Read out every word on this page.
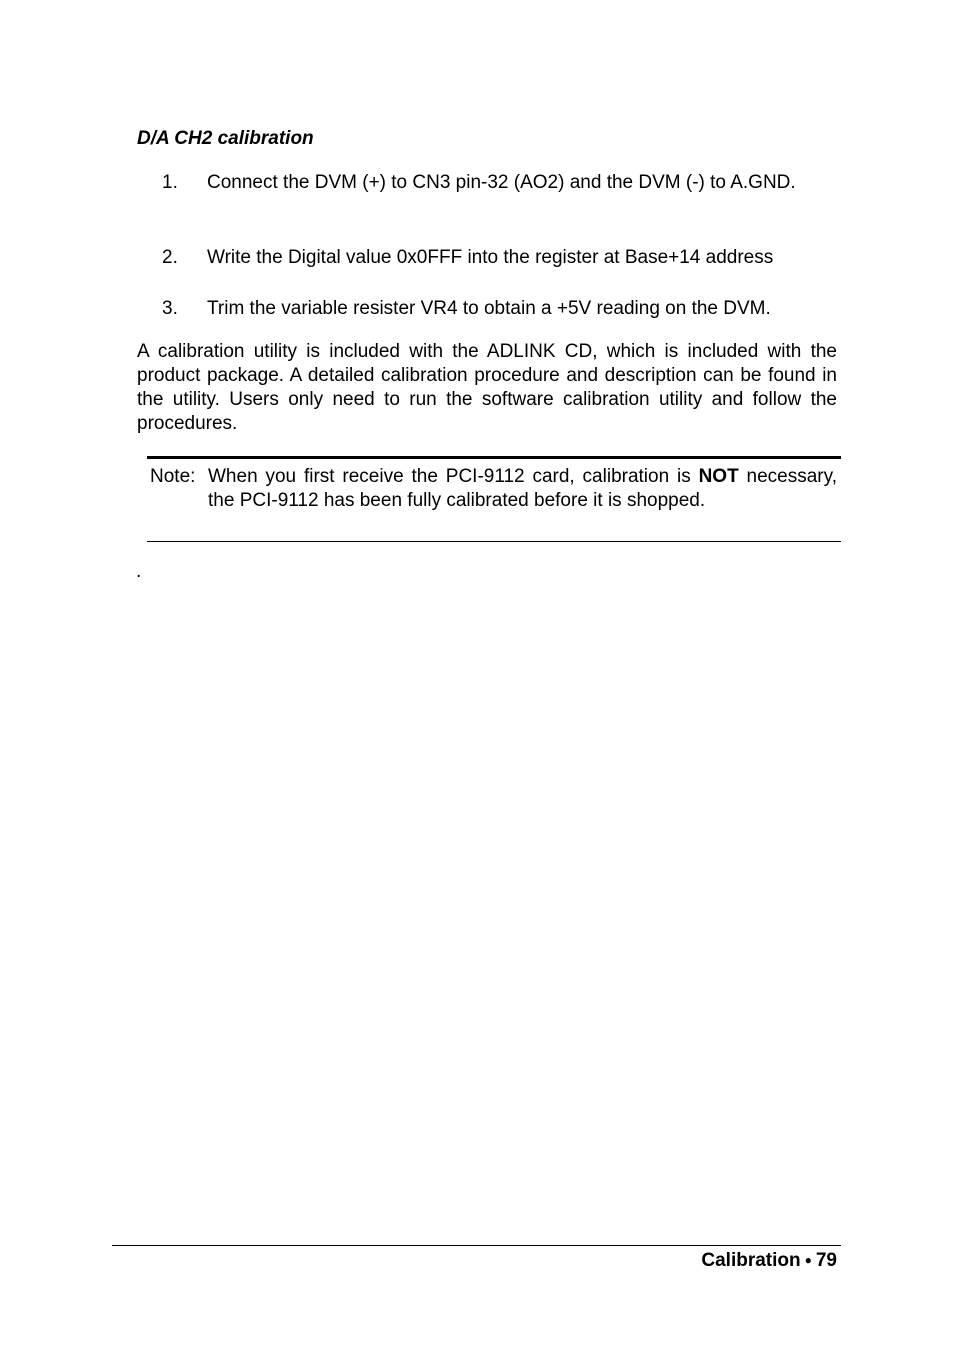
D/A CH2 calibration
1. Connect the DVM (+) to CN3 pin-32 (AO2) and the DVM (-) to A.GND.
2. Write the Digital value 0x0FFF into the register at Base+14 address
3. Trim the variable resister VR4 to obtain a +5V reading on the DVM.
A calibration utility is included with the ADLINK CD, which is included with the product package. A detailed calibration procedure and description can be found in the utility. Users only need to run the software calibration utility and follow the procedures.
Note: When you first receive the PCI-9112 card, calibration is NOT necessary, the PCI-9112 has been fully calibrated before it is shopped.
.
Calibration ● 79
